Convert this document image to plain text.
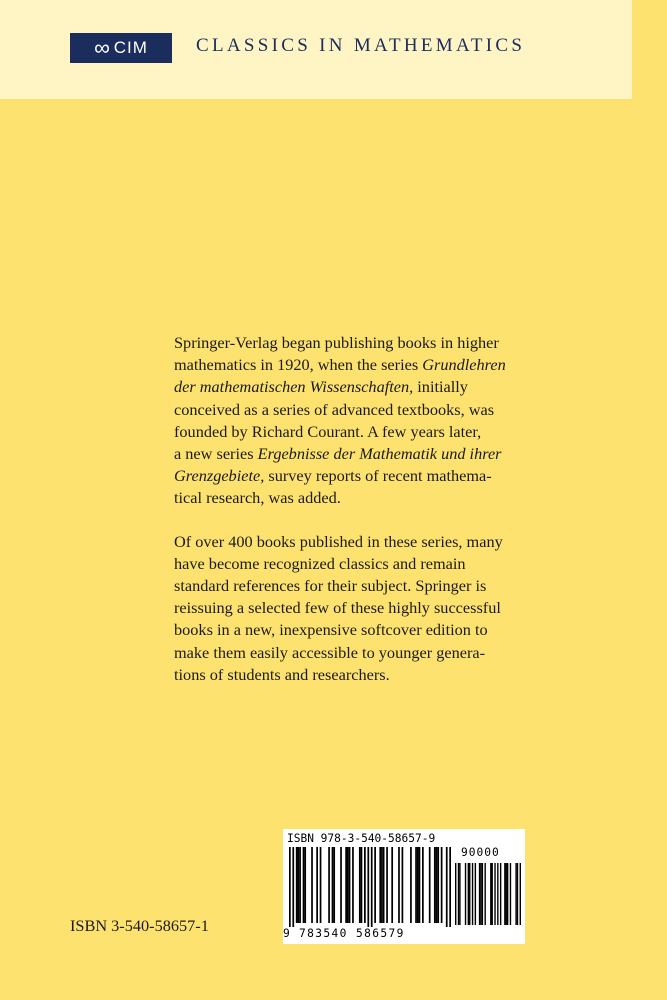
∞ CIM	CLASSICS IN MATHEMATICS

Springer-Verlag began publishing books in higher
mathematics in 1920, when the series Grundlehren
der mathematischen Wissenschaften, initially
conceived as a series of advanced textbooks, was
founded by Richard Courant. A few years later,
a new series Ergebnisse der Mathematik und ihrer
Grenzgebiete, survey reports of recent mathema-
tical research, was added.

Of over 400 books published in these series, many
have become recognized classics and remain
standard references for their subject. Springer is
reissuing a selected few of these highly successful
books in a new, inexpensive softcover edition to
make them easily accessible to younger genera-
tions of students and researchers.

ISBN 3-540-58657-1
ISBN 978-3-540-58657-9
90000
9 783540 586579
